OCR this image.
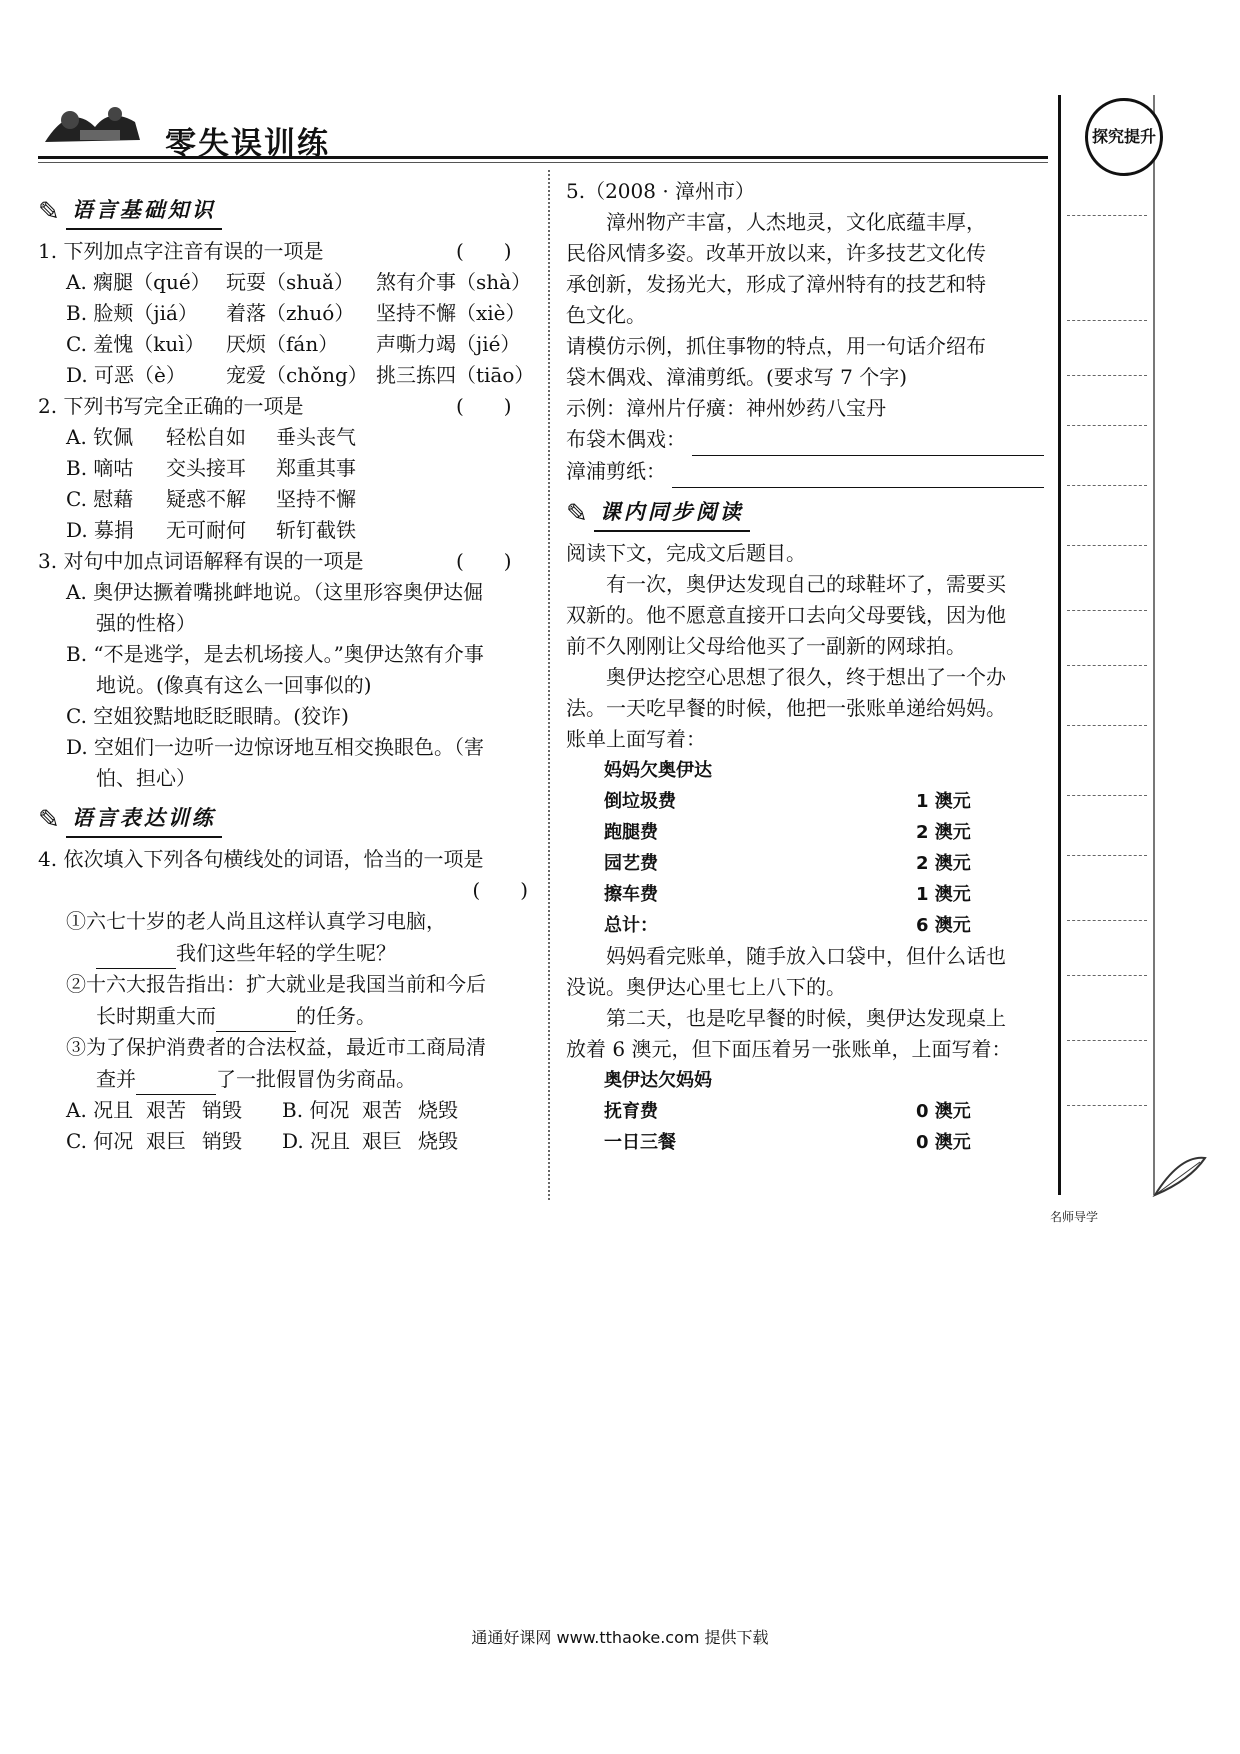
零失误训练	探究提升
✎ 语言基础知识
1. 下列加点字注音有误的一项是	(　　)
A. 瘸腿（qué） 玩耍（shuǎ） 煞有介事（shà）
B. 脸颊（jiá） 着落（zhuó） 坚持不懈（xiè）
C. 羞愧（kuì） 厌烦（fán） 声嘶力竭（jié）
D. 可恶（è） 宠爱（chǒng） 挑三拣四（tiāo）
2. 下列书写完全正确的一项是	(　　)
A. 钦佩 轻松自如 垂头丧气
B. 嘀咕 交头接耳 郑重其事
C. 慰藉 疑惑不解 坚持不懈
D. 募捐 无可耐何 斩钉截铁
3. 对句中加点词语解释有误的一项是	(　　)
A. 奥伊达撅着嘴挑衅地说。（这里形容奥伊达倔
强的性格）
B. “不是逃学，是去机场接人。”奥伊达煞有介事
地说。(像真有这么一回事似的)
C. 空姐狡黠地眨眨眼睛。(狡诈)
D. 空姐们一边听一边惊讶地互相交换眼色。（害
怕、担心）
✎ 语言表达训练
4. 依次填入下列各句横线处的词语，恰当的一项是
(　　)
①六七十岁的老人尚且这样认真学习电脑，
我们这些年轻的学生呢？
②十六大报告指出：扩大就业是我国当前和今后
长时期重大而	的任务。
③为了保护消费者的合法权益，最近市工商局清
查并	了一批假冒伪劣商品。
A. 况且 艰苦 销毁 B. 何况 艰苦 烧毁
C. 何况 艰巨 销毁 D. 况且 艰巨 烧毁
5.（2008 · 漳州市）
漳州物产丰富，人杰地灵，文化底蕴丰厚，
民俗风情多姿。改革开放以来，许多技艺文化传
承创新，发扬光大，形成了漳州特有的技艺和特
色文化。
请模仿示例，抓住事物的特点，用一句话介绍布
袋木偶戏、漳浦剪纸。(要求写 7 个字)
示例：漳州片仔癀：神州妙药八宝丹
布袋木偶戏：

漳浦剪纸：

✎ 课内同步阅读
阅读下文，完成文后题目。
有一次，奥伊达发现自己的球鞋坏了，需要买
双新的。他不愿意直接开口去向父母要钱，因为他
前不久刚刚让父母给他买了一副新的网球拍。
奥伊达挖空心思想了很久，终于想出了一个办
法。一天吃早餐的时候，他把一张账单递给妈妈。
账单上面写着：
妈妈欠奥伊达
倒垃圾费	1 澳元
跑腿费	2 澳元
园艺费	2 澳元
擦车费	1 澳元
总计：	6 澳元
妈妈看完账单，随手放入口袋中，但什么话也
没说。奥伊达心里七上八下的。
第二天，也是吃早餐的时候，奥伊达发现桌上
放着 6 澳元，但下面压着另一张账单，上面写着：
奥伊达欠妈妈
抚育费	0 澳元
一日三餐	0 澳元
名师导学
通通好课网 www.tthaoke.com 提供下载
